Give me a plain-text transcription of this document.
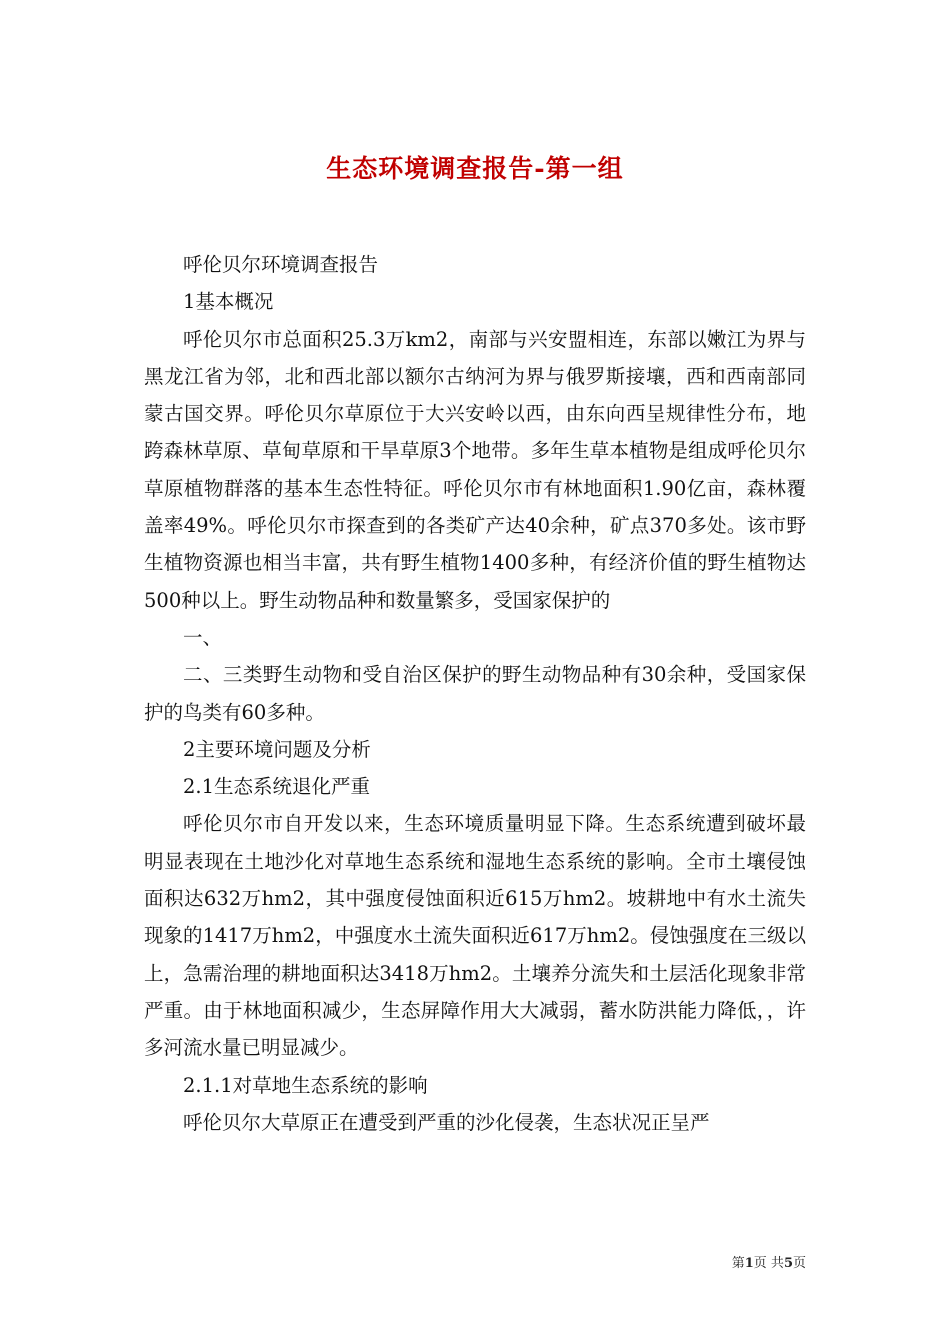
生态环境调查报告-第一组

呼伦贝尔环境调查报告

1基本概况

呼伦贝尔市总面积25.3万km2，南部与兴安盟相连，东部以嫩江为界与黑龙江省为邻，北和西北部以额尔古纳河为界与俄罗斯接壤，西和西南部同蒙古国交界。呼伦贝尔草原位于大兴安岭以西，由东向西呈规律性分布，地跨森林草原、草甸草原和干旱草原3个地带。多年生草本植物是组成呼伦贝尔草原植物群落的基本生态性特征。呼伦贝尔市有林地面积1.90亿亩，森林覆盖率49%。呼伦贝尔市探查到的各类矿产达40余种，矿点370多处。该市野生植物资源也相当丰富，共有野生植物1400多种，有经济价值的野生植物达500种以上。野生动物品种和数量繁多，受国家保护的

一、

二、三类野生动物和受自治区保护的野生动物品种有30余种，受国家保护的鸟类有60多种。

2主要环境问题及分析

2.1生态系统退化严重

呼伦贝尔市自开发以来，生态环境质量明显下降。生态系统遭到破坏最明显表现在土地沙化对草地生态系统和湿地生态系统的影响。全市土壤侵蚀面积达632万hm2，其中强度侵蚀面积近615万hm2。坡耕地中有水土流失现象的1417万hm2，中强度水土流失面积近617万hm2。侵蚀强度在三级以上，急需治理的耕地面积达3418万hm2。土壤养分流失和土层活化现象非常严重。由于林地面积减少，生态屏障作用大大减弱，蓄水防洪能力降低，，许多河流水量已明显减少。

2.1.1对草地生态系统的影响

呼伦贝尔大草原正在遭受到严重的沙化侵袭，生态状况正呈严

第1页 共5页
